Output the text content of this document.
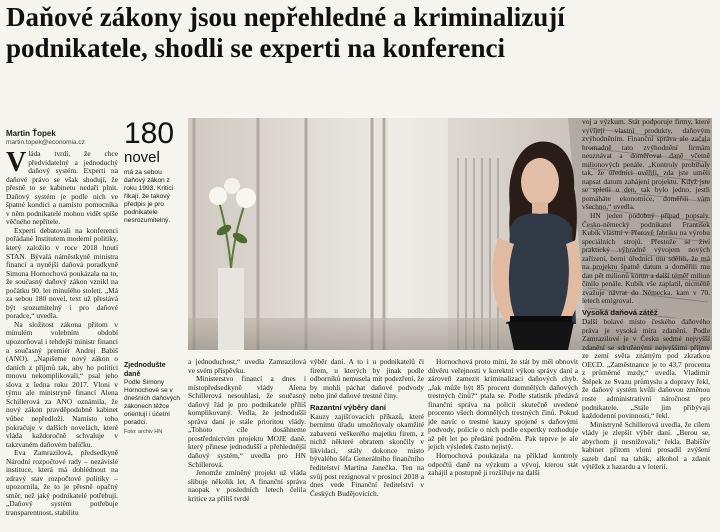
Daňové zákony jsou nepřehledné a kriminalizují podnikatele, shodli se experti na konferenci
Martin Ťopek
martin.topek@economia.cz

Vláda tvrdí, že chce předvídatelný a jednoduchý daňový systém. Experti na daňové právo se však shodují, že přesně to se kabinetu nedaří plnit. Daňový systém je podle nich ve špatné kondici a namísto pomocníka v něm podnikatelé mohou vidět spíše věčného nepřítele.

Experti debatovali na konferenci pořádané Institutem moderní politiky, který založilo v roce 2018 hnutí STAN. Bývalá náměstkyně ministra financí a nynější daňová poradkyně Simona Hornochová poukázala na to, že současný daňový zákon vznikl na počátku 90. let minulého století. „Má za sebou 180 novel, text už přestává být srozumitelný i pro daňové poradce,“ uvedla.

Na složitost zákona přitom v minulém volebním období upozorňoval i tehdejší ministr financí a současný premiér Andrej Babiš (ANO). „Napišeme nový zákon o daních z příjmů tak, aby ho politici mnovu nekomplikovali,“ psal jeho slova z ledna roku 2017. Vloni v týmu ale ministryně financí Alena Schillerová za ANO oznámila, že nový zákon pravděpodobně kabinet vůbec nepředloží. Namísto toho pokračuje v dalších novelách, které vláda každoročně schvaluje v takzvaném daňovém balíčku.

Eva Zamrazilová, předsedkyně Národní rozpočtové rady – nezávislé instituce, která má dohlédnout na zdravý stav rozpočtové politiky – upozornila, že to je přesně opačný směr, než jaký podnikatelé potřebují. „Daňový systém potřebuje transparentnost, stabilitu

180

novel

má za sebou daňový zákon z roku 1993. Kritici říkají, že takový předpis je pro podnikatele nesrozumitelný.

Zjednodušte daně

Podle Simony Hornochové se v dnešních daňových zákonech těžce orientují i účetní poradci.

Foto: archiv HN

a jednoduchost,“ uvedla Zamrazilová ve svém příspěvku.

Ministerstvo financí a dnes i místopředsedkyně vlády Alena Schillerová nesouhlasí, že současný daňový řád je pro podnikatele příliš komplikovaný. Vedla, že jednodušší správa daní je stále prioritou vlády. „Tohoto cíle dosáhneme prostřednictvím projektu MOJE daně, který přinese jednodušší a přehlednější daňový systém,“ uvedla pro HN Schillerová.

Jenomže zmíněný projekt už vláda slibuje několik let. A finanční správa naopak v posledních letech čelila kritice za příliš tvrdé

výběr daní. A to i u podnikatelů či firem, u kterých by jinak podle odborníků nemusela mít podezření, že by mohli páchat daňové podvody nebo jiné daňové trestné činy.

Razantní výběry daní

Kauzy zajišťovacích příkazů, které bernímu úřadu umožňovaly okamžité zabavení veškerého majetku firem, z nichž některé obratem skončily v likvidaci, stály dokonce místo bývalého šéfa Generálního finančního ředitelství Martina Janečka. Ten na svůj post rezignoval v prosinci 2018 a dnes vede Finanční ředitelství v Českých Budějovicích.

Hornochová proto míní, že stát by měl obnovit důvěru veřejnosti v korektní výkon správy daní a zároveň zamezit kriminalizaci daňových chyb. „Jak může být 85 procent domnělých daňových trestných činů?“ ptala se. Podle statistik předává finanční správa na policii skutečně uvedené procento všech domnělých trestných činů. Pokud jde navíc o trestné kauzy spojené s daňovými podvody, policie o nich podle expertky rozhoduje až pět let po předání podnětu. Pak teprve je ale jejich výsledek často nejistý.

Hornochová poukázala na příklad kontroly odpočtů daně na výzkum a vývoj, kterou stát zahájil a postupně ji rozšiřuje na další

voj a výzkum. Stát podporuje firmy, které vyvíjejí vlastní produkty, daňovým zvýhodněním. Finanční správa ale začala hromadně tato zvýhodnění firmám neuznávat a doměřovat daně včetně milionových penále. „Kontroly probíhaly tak, že úředníci ověřili, zda jste uměli napsat datum zahájení projektu. Když jste se spletli o den, tak bylo jedno, jestli pomáháte ekonomice, doměřili vám všechno,“ uvedla.

HN jeden podobný případ popsaly. Česko-německý podnikatel František Kubík vlastní v Přerově fabriku na výrobu speciálních strojů. Přestože se živí praktický výhradně vývojem nových zařízení, berní úředníci mu sdělili, že má na projektu špatně datum a doměřili mu dan pět milionů korun a další téměř milion činilo penále. Kubík vše zaplatil, nicméně zvažuje návrat do Německa, kam v 70. letech emigroval.

Vysoká daňová zátěž

Další bolavé místo českého daňového práva je vysoká míra zdanění. Podle Zamrazilové je v Česku sedmé nejvyšší zdanění se sdruženými nejvyššími příjmy ze zemí světa známým pod zkratkou OECD. „Zaměstnance je to 43,7 procenta z průměrné mzdy,“ uvedla. Vladimír Štěpek ze Svazu průmyslu a dopravy řekl, že daňový systém kvůli daňovou změnou roste administrativní náročnost pro podnikatele. „Stále jim přibývají každodenní povinnosti,“ řekl.

Ministryně Schillerová uvedla, že cílem vlády je zlepšit výběr daní. „Berou se, abychom ji nesnižovali,“ řekla. Babišův kabinet přitom vloni prosadil zvýšení sazeb daní na tabák, alkohol a zdanit výtěžek z hazardu a v loterií.
